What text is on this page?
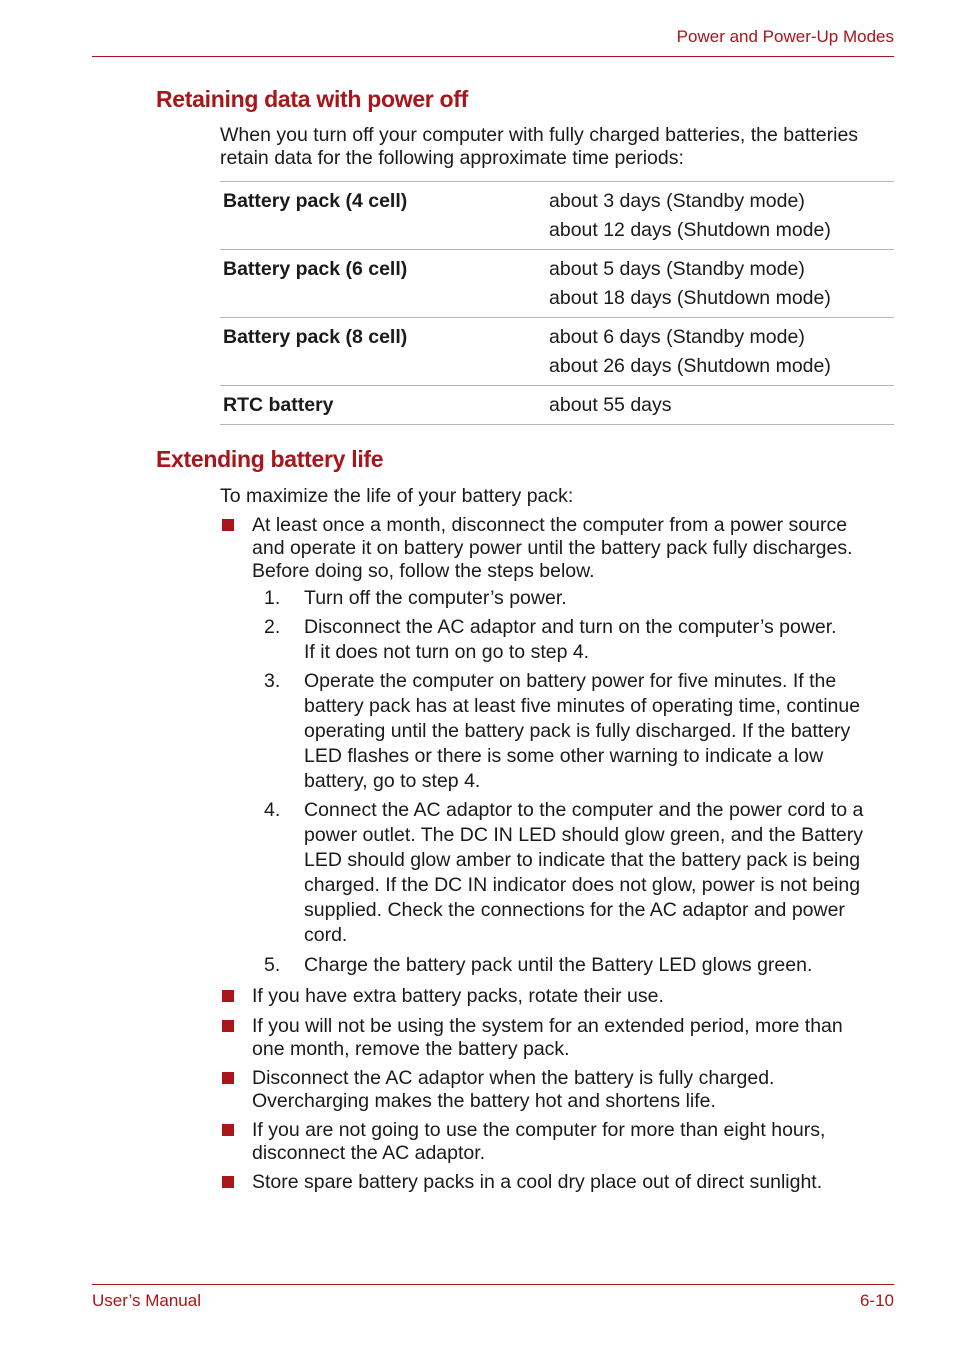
Power and Power-Up Modes
Retaining data with power off
When you turn off your computer with fully charged batteries, the batteries
retain data for the following approximate time periods:
Battery pack (4 cell)	about 3 days (Standby mode)
about 12 days (Shutdown mode)

Battery pack (6 cell)	about 5 days (Standby mode)
about 18 days (Shutdown mode)

Battery pack (8 cell)	about 6 days (Standby mode)
about 26 days (Shutdown mode)

RTC battery	about 55 days
Extending battery life
To maximize the life of your battery pack:
At least once a month, disconnect the computer from a power source
and operate it on battery power until the battery pack fully discharges.
Before doing so, follow the steps below.
1. Turn off the computer’s power.
2. Disconnect the AC adaptor and turn on the computer’s power.
If it does not turn on go to step 4.
3. Operate the computer on battery power for five minutes. If the
battery pack has at least five minutes of operating time, continue
operating until the battery pack is fully discharged. If the battery
LED flashes or there is some other warning to indicate a low
battery, go to step 4.
4. Connect the AC adaptor to the computer and the power cord to a
power outlet. The DC IN LED should glow green, and the Battery
LED should glow amber to indicate that the battery pack is being
charged. If the DC IN indicator does not glow, power is not being
supplied. Check the connections for the AC adaptor and power
cord.
5. Charge the battery pack until the Battery LED glows green.
If you have extra battery packs, rotate their use.
If you will not be using the system for an extended period, more than
one month, remove the battery pack.
Disconnect the AC adaptor when the battery is fully charged.
Overcharging makes the battery hot and shortens life.
If you are not going to use the computer for more than eight hours,
disconnect the AC adaptor.
Store spare battery packs in a cool dry place out of direct sunlight.
User’s Manual	6-10
